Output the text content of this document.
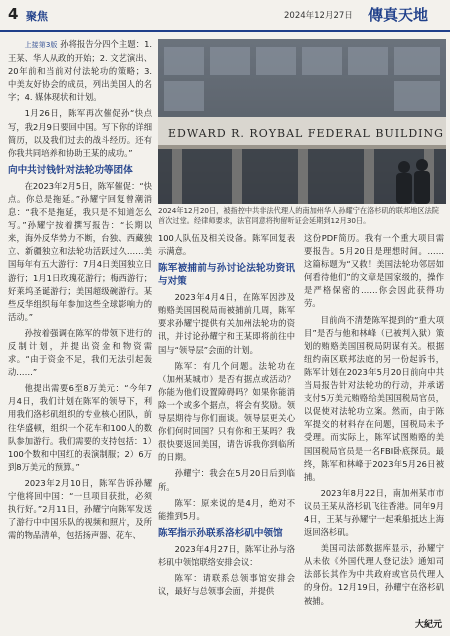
4 聚焦	2024年12月27日 傳真天地

上接第3版 孙将报告分四个主题：1. 王某、华人从政的开始；2. 文艺演出、20年前和当前对付法轮功的策略；3. 中美友好协会的成员，列出美国人的名字；4. 媒体现状和计划。

1月26日，陈军再次催促孙“快点写，我2月9日要回中国。写下你的详细简历，以及我们过去的战斗经历。还有你我共同培养和协助王某的成功。”

向中共讨钱针对法轮功等团体

在2023年2月5日，陈军催促：“快点。你总是拖延。”孙耀宁回复曾潮消息：“我不是拖延，我只是不知道怎么写。”孙耀宁按着撰写报告：“长期以来，海外反华势力不断，台独、西藏独立、新疆独立和法轮功活跃过久……美国每年有五大游行：7月4日美国独立日游行；1月1日玫瑰花游行；梅西游行；好莱坞圣诞游行；美国超级碗游行。某些反华组织每年参加这些全球影响力的活动。”

孙按着强调在陈军的带领下进行的反制计划，并提出资金和物资需求。“由于资金不足，我们无法引起轰动……”

他提出需要6至8万美元：“今年7月4日，我们计划在陈军的领导下，利用我们洛杉矶组织的专业核心团队，前往华盛顿，组织一个花车和100人的数队参加游行。我们需要的支持包括：1）100个数和中国红的表演制服；2）6万到8万美元的预算。”

2023年2月10日，陈军告诉孙耀宁他将回中国：“一旦项目获批，必须执行好。”2月11日，孙耀宁向陈军发送了游行中中国乐队的视频和照片，及所需的物品清单，包括扬声器、花车、

EDWARD R. ROYBAL FEDERAL BUILDING
2024年12月20日，被指控中共非法代理人的南加州华人孙耀宁在洛杉矶的联邦地区法院首次过堂。经律师要求，法官同意将拘留听证会延期到12月30日。

100人队伍及相关设备。陈军回复表示满意。

陈军被捕前与孙讨论法轮功资讯与对策

2023年4月4日，在陈军因涉及贿赂美国国税局而被捕前几周，陈军要求孙耀宁提供有关加州法轮功的资讯，并讨论孙耀宁和王某即将前往中国与“领导层”会面的计划。

陈军：有几个问题。法轮功在（加州某城市）是否有据点或活动？你能为他们设置障碍吗？如果你能消除一个或多个据点，将会有奖励。领导层期待与你们面谈。领导层更关心你们何时回国？只有你和王某吗？我很快要返回美国，请告诉我你到临所的日期。

孙耀宁：我会在5月20日后到临所。

陈军：原来说的是4月，绝对不能推到5月。

陈军指示孙联系洛杉矶中领馆

2023年4月27日，陈军让孙与洛杉矶中领馆联络安排会议：

陈军：请联系总领事馆安排会议，最好与总领事会面，并提供

这份PDF简历。我有一个重大项目需要报告。5月20日是理想时间。……这篇标题为“又救！美国法轮功邻居如何看待他们”的文章是国家级的，操作是严格保密的……你会因此获得功劳。

目前尚不清楚陈军提到的“重大项目”是否与他和林峰（已被判入狱）策划的贿赂美国国税局阴谋有关。根据纽约南区联邦法庭的另一份起诉书，陈军计划在2023年5月20日前向中共当局报告针对法轮功的行动，并承诺支付5万美元贿赂给美国国税局官员，以促使对法轮功立案。然而，由于陈军提交的材料存在问题，国税局未予受理。而实际上，陈军试图贿赂的美国国税局官员是一名FBI卧底探员。最终，陈军和林峰于2023年5月26日被捕。

2023年8月22日，南加州某市市议员王某从洛杉矶飞往香港。同年9月4日，王某与孙耀宁一起乘船抵达上海返回洛杉矶。

美国司法部数据库显示，孙耀宁从未依《外国代理人登记法》通知司法部长其作为中共政府或官员代理人的身份。12月19日，孙耀宁在洛杉矶被捕。

大紀元
